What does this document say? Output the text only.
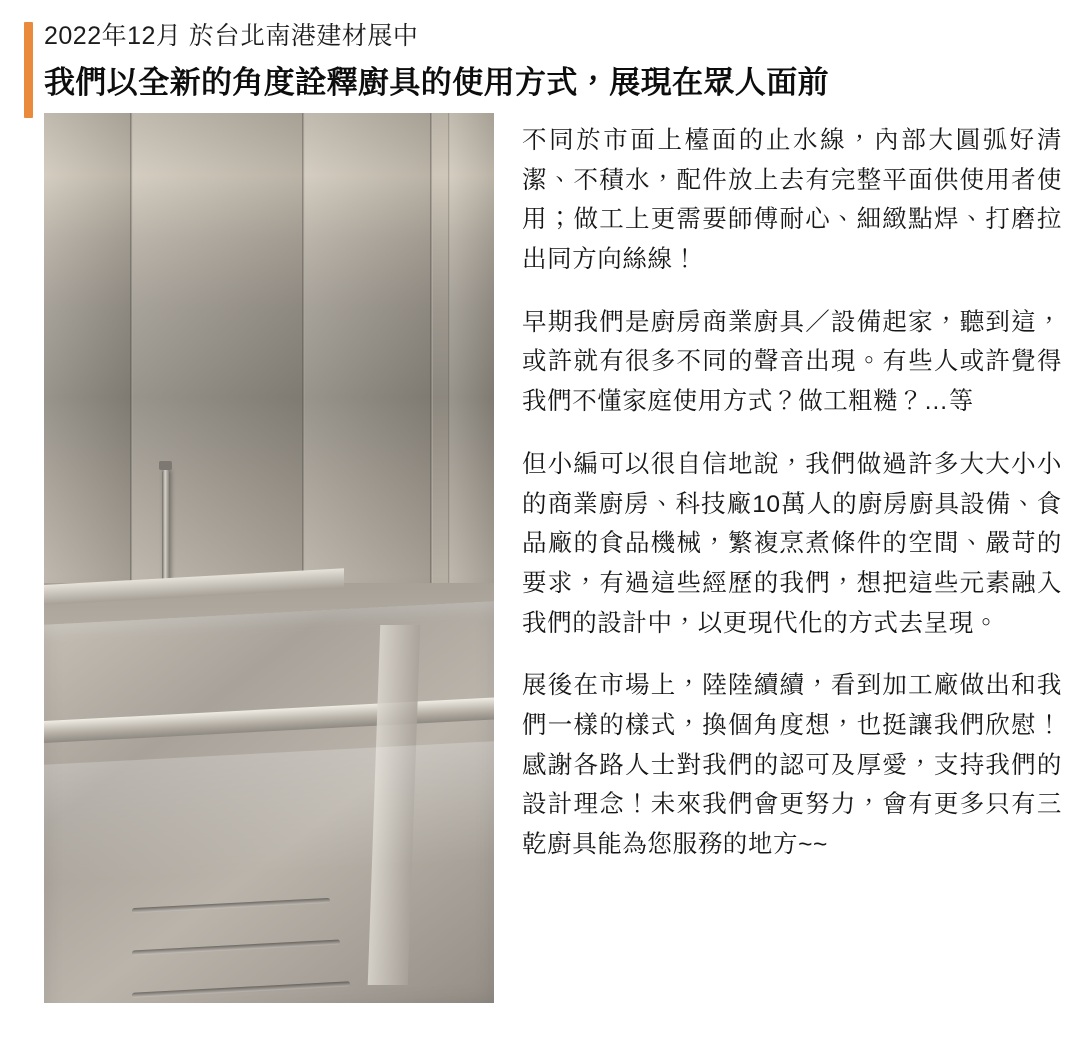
2022年12月 於台北南港建材展中
我們以全新的角度詮釋廚具的使用方式，展現在眾人面前

不同於市面上檯面的止水線，內部大圓弧好清潔、不積水，配件放上去有完整平面供使用者使用；做工上更需要師傅耐心、細緻點焊、打磨拉出同方向絲線！

早期我們是廚房商業廚具／設備起家，聽到這，或許就有很多不同的聲音出現。有些人或許覺得我們不懂家庭使用方式？做工粗糙？…等

但小編可以很自信地說，我們做過許多大大小小的商業廚房、科技廠10萬人的廚房廚具設備、食品廠的食品機械，繁複烹煮條件的空間、嚴苛的要求，有過這些經歷的我們，想把這些元素融入我們的設計中，以更現代化的方式去呈現。

展後在市場上，陸陸續續，看到加工廠做出和我們一樣的樣式，換個角度想，也挺讓我們欣慰！感謝各路人士對我們的認可及厚愛，支持我們的設計理念！未來我們會更努力，會有更多只有三乾廚具能為您服務的地方~~
